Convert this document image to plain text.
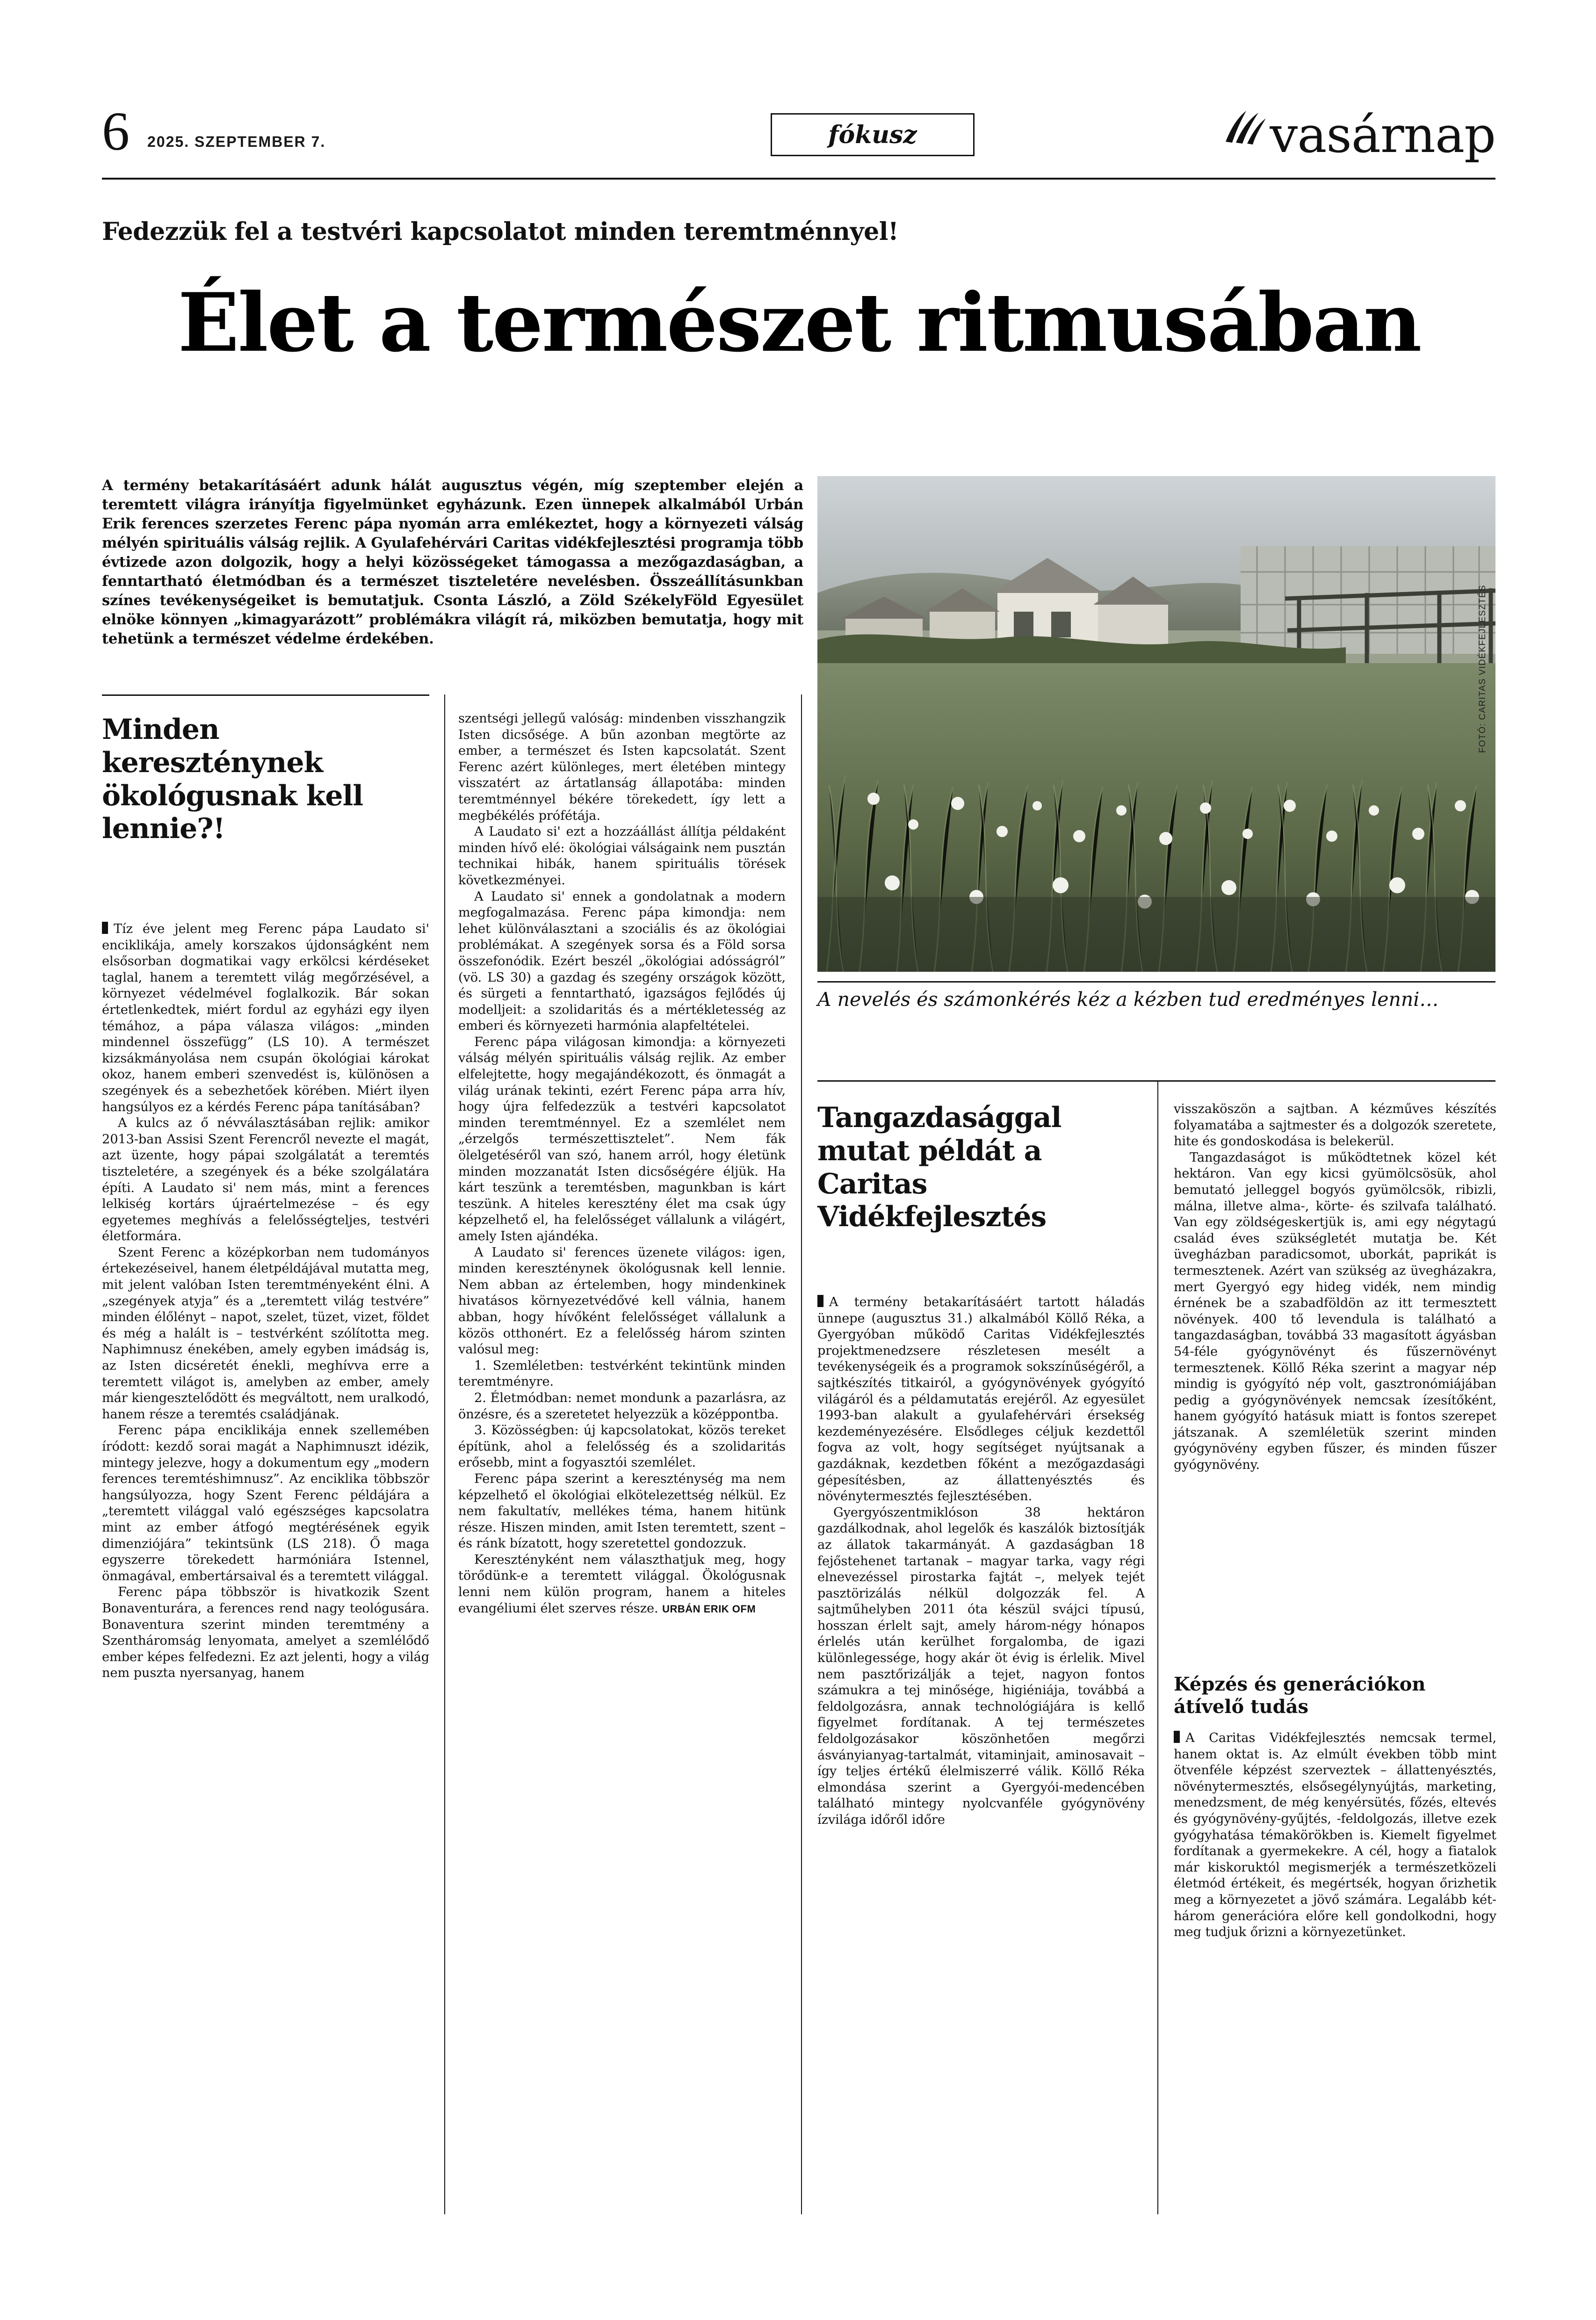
6 2025. SZEPTEMBER 7.	fókusz	vasárnap
Fedezzük fel a testvéri kapcsolatot minden teremtménnyel!
Élet a természet ritmusában
A termény betakarításáért adunk hálát augusztus végén, míg szeptember elején a teremtett világra irányítja figyelmünket egyházunk. Ezen ünnepek alkalmából Urbán Erik ferences szerzetes Ferenc pápa nyomán arra emlékeztet, hogy a környezeti válság mélyén spirituális válság rejlik. A Gyulafehérvári Caritas vidékfejlesztési programja több évtizede azon dolgozik, hogy a helyi közösségeket támogassa a mezőgazdaságban, a fenntartható életmódban és a természet tiszteletére nevelésben. Összeállításunkban színes tevékenységeiket is bemutatjuk. Csonta László, a Zöld SzékelyFöld Egyesület elnöke könnyen „kimagyarázott” problémákra világít rá, miközben bemutatja, hogy mit tehetünk a természet védelme érdekében.
A nevelés és számonkérés kéz a kézben tud eredményes lenni…
Minden kereszténynek ökológusnak kell lennie?!
Tangazdasággal mutat példát a Caritas Vidékfejlesztés
Képzés és generációkon átívelő tudás

Tíz éve jelent meg Ferenc pápa Laudato si' enciklikája, amely korszakos újdonságként nem elsősorban dogmatikai vagy erkölcsi kérdéseket taglal, hanem a teremtett világ megőrzésével, a környezet védelmével foglalkozik. Bár sokan értetlenkedtek, miért fordul az egyházi egy ilyen témához, a pápa válasza világos: „minden mindennel összefügg” (LS 10). A természet kizsákmányolása nem csupán ökológiai károkat okoz, hanem emberi szenvedést is, különösen a szegények és a sebezhetőek körében. Miért ilyen hangsúlyos ez a kérdés Ferenc pápa tanításában?

A kulcs az ő névválasztásában rejlik: amikor 2013-ban Assisi Szent Ferencről nevezte el magát, azt üzente, hogy pápai szolgálatát a teremtés tiszteletére, a szegények és a béke szolgálatára építi. A Laudato si' nem más, mint a ferences lelkiség kortárs újraértelmezése – és egy egyetemes meghívás a felelősségteljes, testvéri életformára.

Szent Ferenc a középkorban nem tudományos értekezéseivel, hanem életpéldájával mutatta meg, mit jelent valóban Isten teremtményeként élni. A „szegények atyja” és a „teremtett világ testvére” minden élőlényt – napot, szelet, tüzet, vizet, földet és még a halált is – testvérként szólította meg. Naphimnusz énekében, amely egyben imádság is, az Isten dicséretét énekli, meghívva erre a teremtett világot is, amelyben az ember, amely már kiengesztelődött és megváltott, nem uralkodó, hanem része a teremtés családjának.

Ferenc pápa enciklikája ennek szellemében íródott: kezdő sorai magát a Naphimnuszt idézik, mintegy jelezve, hogy a dokumentum egy „modern ferences teremtéshimnusz”. Az enciklika többször hangsúlyozza, hogy Szent Ferenc példájára a „teremtett világgal való egészséges kapcsolatra mint az ember átfogó megtérésének egyik dimenziójára” tekintsünk (LS 218). Ő maga egyszerre törekedett harmóniára Istennel, önmagával, embertársaival és a teremtett világgal.

Ferenc pápa többször is hivatkozik Szent Bonaventurára, a ferences rend nagy teológusára. Bonaventura szerint minden teremtmény a Szentháromság lenyomata, amelyet a szemlélődő ember képes felfedezni. Ez azt jelenti, hogy a világ nem puszta nyersanyag, hanem

szentségi jellegű valóság: mindenben visszhangzik Isten dicsősége. A bűn azonban megtörte az ember, a természet és Isten kapcsolatát. Szent Ferenc azért különleges, mert életében mintegy visszatért az ártatlanság állapotába: minden teremtménnyel békére törekedett, így lett a megbékélés prófétája.

A Laudato si' ezt a hozzáállást állítja példaként minden hívő elé: ökológiai válságaink nem pusztán technikai hibák, hanem spirituális törések következményei.

A Laudato si' ennek a gondolatnak a modern megfogalmazása. Ferenc pápa kimondja: nem lehet különválasztani a szociális és az ökológiai problémákat. A szegények sorsa és a Föld sorsa összefonódik. Ezért beszél „ökológiai adósságról” (vö. LS 30) a gazdag és szegény országok között, és sürgeti a fenntartható, igazságos fejlődés új modelljeit: a szolidaritás és a mértékletesség az emberi és környezeti harmónia alapfeltételei.

Ferenc pápa világosan kimondja: a környezeti válság mélyén spirituális válság rejlik. Az ember elfelejtette, hogy megajándékozott, és önmagát a világ urának tekinti, ezért Ferenc pápa arra hív, hogy újra felfedezzük a testvéri kapcsolatot minden teremtménnyel. Ez a szemlélet nem „érzelgős természettisztelet”. Nem fák ölelgetéséről van szó, hanem arról, hogy életünk minden mozzanatát Isten dicsőségére éljük. Ha kárt teszünk a teremtésben, magunkban is kárt teszünk. A hiteles keresztény élet ma csak úgy képzelhető el, ha felelősséget vállalunk a világért, amely Isten ajándéka.

A Laudato si' ferences üzenete világos: igen, minden kereszténynek ökológusnak kell lennie. Nem abban az értelemben, hogy mindenkinek hivatásos környezetvédővé kell válnia, hanem abban, hogy hívőként felelősséget vállalunk a közös otthonért. Ez a felelősség három szinten valósul meg:

1. Szemléletben: testvérként tekintünk minden teremtményre.

2. Életmódban: nemet mondunk a pazarlásra, az önzésre, és a szeretetet helyezzük a középpontba.

3. Közösségben: új kapcsolatokat, közös tereket építünk, ahol a felelősség és a szolidaritás erősebb, mint a fogyasztói szemlélet.

Ferenc pápa szerint a kereszténység ma nem képzelhető el ökológiai elkötelezettség nélkül. Ez nem fakultatív, mellékes téma, hanem hitünk része. Hiszen minden, amit Isten teremtett, szent – és ránk bízatott, hogy szeretettel gondozzuk.

Keresztényként nem választhatjuk meg, hogy törődünk-e a teremtett világgal. Ökológusnak lenni nem külön program, hanem a hiteles evangéliumi élet szerves része. URBÁN ERIK OFM

A termény betakarításáért tartott háladás ünnepe (augusztus 31.) alkalmából Köllő Réka, a Gyergyóban működő Caritas Vidékfejlesztés projektmenedzsere részletesen mesélt a tevékenységeik és a programok sokszínűségéről, a sajtkészítés titkairól, a gyógynövények gyógyító világáról és a példamutatás erejéről. Az egyesület 1993-ban alakult a gyulafehérvári érsekség kezdeményezésére. Elsődleges céljuk kezdettől fogva az volt, hogy segítséget nyújtsanak a gazdáknak, kezdetben főként a mezőgazdasági gépesítésben, az állattenyésztés és növénytermesztés fejlesztésében.

Gyergyószentmiklóson 38 hektáron gazdálkodnak, ahol legelők és kaszálók biztosítják az állatok takarmányát. A gazdaságban 18 fejőstehenet tartanak – magyar tarka, vagy régi elnevezéssel pirostarka fajtát –, melyek tejét pasztörizálás nélkül dolgozzák fel. A sajtműhelyben 2011 óta készül svájci típusú, hosszan érlelt sajt, amely három-négy hónapos érlelés után kerülhet forgalomba, de igazi különlegessége, hogy akár öt évig is érlelik. Mivel nem pasztőrizálják a tejet, nagyon fontos számukra a tej minősége, higiéniája, továbbá a feldolgozásra, annak technológiájára is kellő figyelmet fordítanak. A tej természetes feldolgozásakor köszönhetően megőrzi ásványianyag-tartalmát, vitaminjait, aminosavait – így teljes értékű élelmiszerré válik. Köllő Réka elmondása szerint a Gyergyói-medencében található mintegy nyolcvanféle gyógynövény ízvilága időről időre

visszaköszön a sajtban. A kézműves készítés folyamatába a sajtmester és a dolgozók szeretete, hite és gondoskodása is belekerül.

Tangazdaságot is működtetnek közel két hektáron. Van egy kicsi gyümölcsösük, ahol bemutató jelleggel bogyós gyümölcsök, ribizli, málna, illetve alma-, körte- és szilvafa található. Van egy zöldségeskertjük is, ami egy négytagú család éves szükségletét mutatja be. Két üvegházban paradicsomot, uborkát, paprikát is termesztenek. Azért van szükség az üvegházakra, mert Gyergyó egy hideg vidék, nem mindig érnének be a szabadföldön az itt termesztett növények. 400 tő levendula is található a tangazdaságban, továbbá 33 magasított ágyásban 54-féle gyógynövényt és fűszernövényt termesztenek. Köllő Réka szerint a magyar nép mindig is gyógyító nép volt, gasztronómiájában pedig a gyógynövények nemcsak ízesítőként, hanem gyógyító hatásuk miatt is fontos szerepet játszanak. A szemléletük szerint minden gyógynövény egyben fűszer, és minden fűszer gyógynövény.

A Caritas Vidékfejlesztés nemcsak termel, hanem oktat is. Az elmúlt években több mint ötvenféle képzést szerveztek – állattenyésztés, növénytermesztés, elsősegélynyújtás, marketing, menedzsment, de még kenyérsütés, főzés, eltevés és gyógynövény-gyűjtés, -feldolgozás, illetve ezek gyógyhatása témakörökben is. Kiemelt figyelmet fordítanak a gyermekekre. A cél, hogy a fiatalok már kiskoruktól megismerjék a természetközeli életmód értékeit, és megértsék, hogyan őrizhetik meg a környezetet a jövő számára. Legalább két-három generációra előre kell gondolkodni, hogy meg tudjuk őrizni a környezetünket.
